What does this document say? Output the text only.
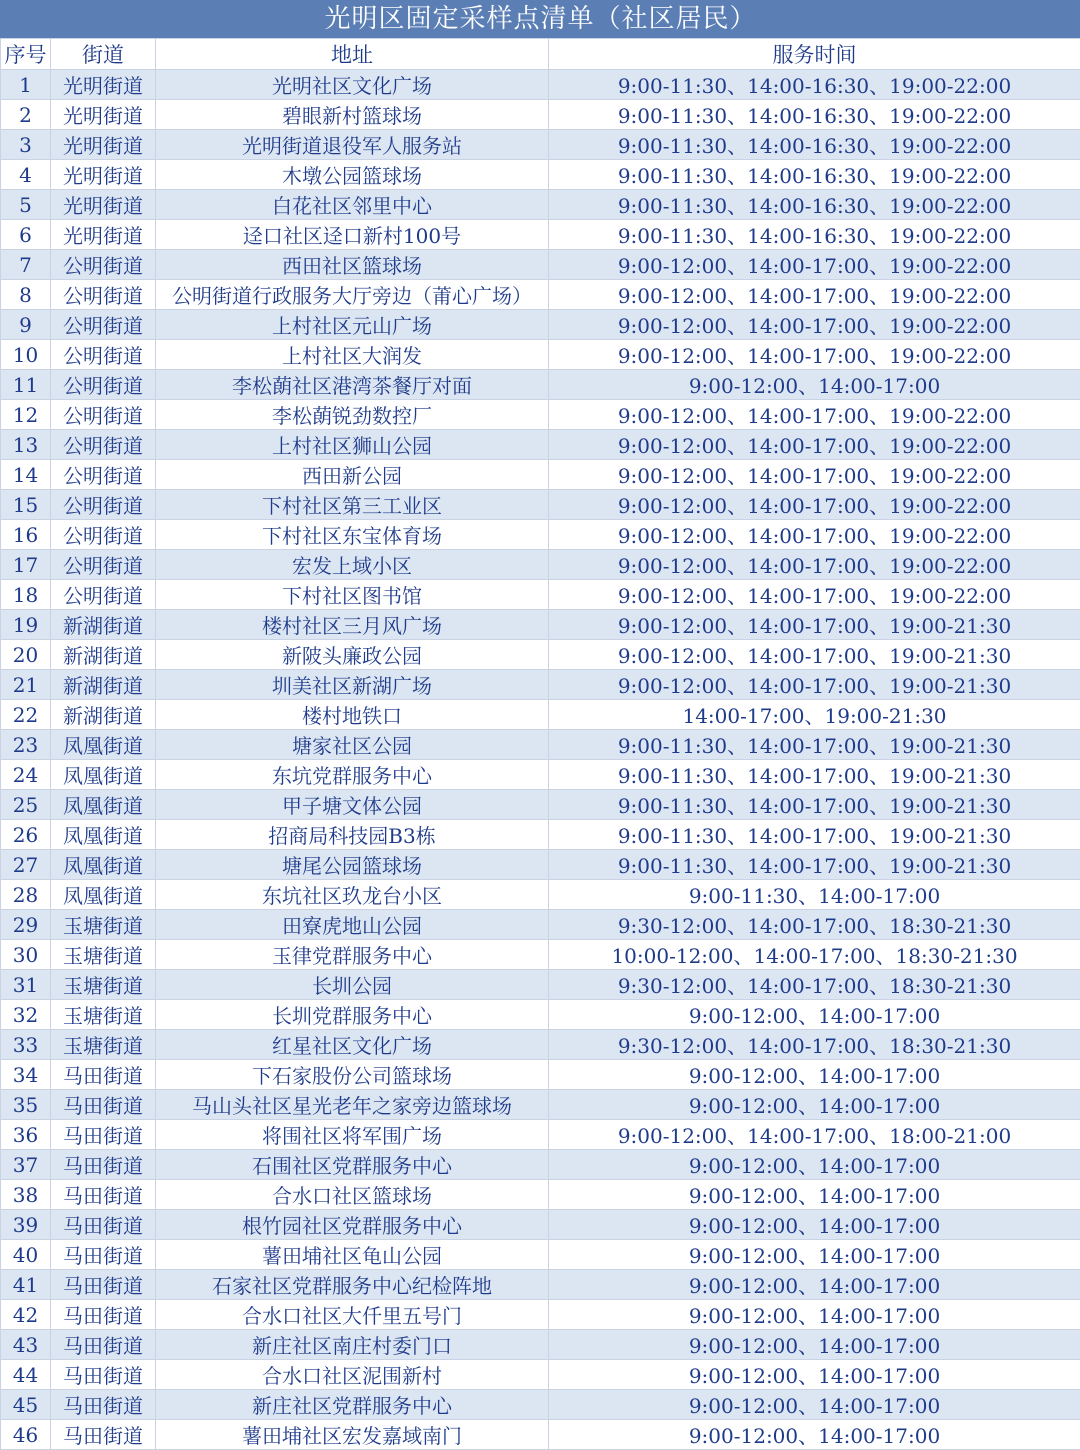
光明区固定采样点清单（社区居民）
序号	街道	地址	服务时间
1	光明街道	光明社区文化广场	9:00-11:30、14:00-16:30、19:00-22:00
2	光明街道	碧眼新村篮球场	9:00-11:30、14:00-16:30、19:00-22:00
3	光明街道	光明街道退役军人服务站	9:00-11:30、14:00-16:30、19:00-22:00
4	光明街道	木墩公园篮球场	9:00-11:30、14:00-16:30、19:00-22:00
5	光明街道	白花社区邻里中心	9:00-11:30、14:00-16:30、19:00-22:00
6	光明街道	迳口社区迳口新村100号	9:00-11:30、14:00-16:30、19:00-22:00
7	公明街道	西田社区篮球场	9:00-12:00、14:00-17:00、19:00-22:00
8	公明街道	公明街道行政服务大厅旁边（莆心广场）	9:00-12:00、14:00-17:00、19:00-22:00
9	公明街道	上村社区元山广场	9:00-12:00、14:00-17:00、19:00-22:00
10	公明街道	上村社区大润发	9:00-12:00、14:00-17:00、19:00-22:00
11	公明街道	李松蓢社区港湾茶餐厅对面	9:00-12:00、14:00-17:00
12	公明街道	李松蓢锐劲数控厂	9:00-12:00、14:00-17:00、19:00-22:00
13	公明街道	上村社区狮山公园	9:00-12:00、14:00-17:00、19:00-22:00
14	公明街道	西田新公园	9:00-12:00、14:00-17:00、19:00-22:00
15	公明街道	下村社区第三工业区	9:00-12:00、14:00-17:00、19:00-22:00
16	公明街道	下村社区东宝体育场	9:00-12:00、14:00-17:00、19:00-22:00
17	公明街道	宏发上域小区	9:00-12:00、14:00-17:00、19:00-22:00
18	公明街道	下村社区图书馆	9:00-12:00、14:00-17:00、19:00-22:00
19	新湖街道	楼村社区三月风广场	9:00-12:00、14:00-17:00、19:00-21:30
20	新湖街道	新陂头廉政公园	9:00-12:00、14:00-17:00、19:00-21:30
21	新湖街道	圳美社区新湖广场	9:00-12:00、14:00-17:00、19:00-21:30
22	新湖街道	楼村地铁口	14:00-17:00、19:00-21:30
23	凤凰街道	塘家社区公园	9:00-11:30、14:00-17:00、19:00-21:30
24	凤凰街道	东坑党群服务中心	9:00-11:30、14:00-17:00、19:00-21:30
25	凤凰街道	甲子塘文体公园	9:00-11:30、14:00-17:00、19:00-21:30
26	凤凰街道	招商局科技园B3栋	9:00-11:30、14:00-17:00、19:00-21:30
27	凤凰街道	塘尾公园篮球场	9:00-11:30、14:00-17:00、19:00-21:30
28	凤凰街道	东坑社区玖龙台小区	9:00-11:30、14:00-17:00
29	玉塘街道	田寮虎地山公园	9:30-12:00、14:00-17:00、18:30-21:30
30	玉塘街道	玉律党群服务中心	10:00-12:00、14:00-17:00、18:30-21:30
31	玉塘街道	长圳公园	9:30-12:00、14:00-17:00、18:30-21:30
32	玉塘街道	长圳党群服务中心	9:00-12:00、14:00-17:00
33	玉塘街道	红星社区文化广场	9:30-12:00、14:00-17:00、18:30-21:30
34	马田街道	下石家股份公司篮球场	9:00-12:00、14:00-17:00
35	马田街道	马山头社区星光老年之家旁边篮球场	9:00-12:00、14:00-17:00
36	马田街道	将围社区将军围广场	9:00-12:00、14:00-17:00、18:00-21:00
37	马田街道	石围社区党群服务中心	9:00-12:00、14:00-17:00
38	马田街道	合水口社区篮球场	9:00-12:00、14:00-17:00
39	马田街道	根竹园社区党群服务中心	9:00-12:00、14:00-17:00
40	马田街道	薯田埔社区龟山公园	9:00-12:00、14:00-17:00
41	马田街道	石家社区党群服务中心纪检阵地	9:00-12:00、14:00-17:00
42	马田街道	合水口社区大仟里五号门	9:00-12:00、14:00-17:00
43	马田街道	新庄社区南庄村委门口	9:00-12:00、14:00-17:00
44	马田街道	合水口社区泥围新村	9:00-12:00、14:00-17:00
45	马田街道	新庄社区党群服务中心	9:00-12:00、14:00-17:00
46	马田街道	薯田埔社区宏发嘉域南门	9:00-12:00、14:00-17:00
